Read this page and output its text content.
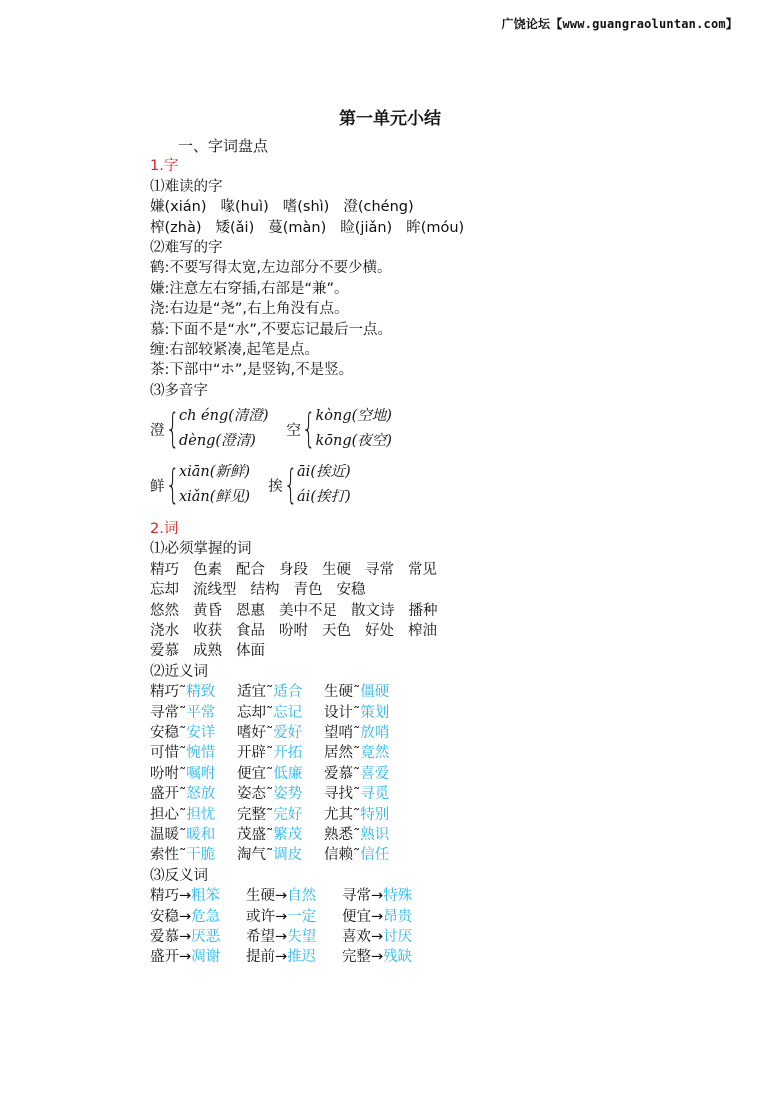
广饶论坛【www.guangraoluntan.com】
第一单元小结
一、字词盘点
1.字
⑴难读的字
嫌(xián) 喙(huì) 嗜(shì) 澄(chéng)
榨(zhà) 矮(ǎi) 蔓(màn) 睑(jiǎn) 眸(móu)
⑵难写的字
鹤:不要写得太宽,左边部分不要少横。
嫌:注意左右穿插,右部是“兼”。
浇:右边是“尧”,右上角没有点。
慕:下面不是“水”,不要忘记最后一点。
缠:右部较紧凑,起笔是点。
茶:下部中“ホ”,是竖钩,不是竖。
⑶多音字
澄 { ch éng(清澄)
dèng(澄清)
空 { kòng(空地)
kōng(夜空)
鲜 { xiān(新鲜)
xiǎn(鲜见)
挨 { āi(挨近)
ái(挨打)
2.词
⑴必须掌握的词
精巧 色素 配合 身段 生硬 寻常 常见
忘却 流线型 结构 青色 安稳
悠然 黄昏 恩惠 美中不足 散文诗 播种
浇水 收获 食品 吩咐 天色 好处 榨油
爱慕 成熟 体面
⑵近义词
精巧˜精致 适宜˜适合 生硬˜僵硬
寻常˜平常 忘却˜忘记 设计˜策划
安稳˜安详 嗜好˜爱好 望哨˜放哨
可惜˜惋惜 开辟˜开拓 居然˜竟然
吩咐˜嘱咐 便宜˜低廉 爱慕˜喜爱
盛开˜怒放 姿态˜姿势 寻找˜寻觅
担心˜担忧 完整˜完好 尤其˜特别
温暖˜暖和 茂盛˜繁茂 熟悉˜熟识
索性˜干脆 淘气˜调皮 信赖˜信任
⑶反义词
精巧→粗笨 生硬→自然 寻常→特殊
安稳→危急 或许→一定 便宜→昂贵
爱慕→厌恶 希望→失望 喜欢→讨厌
盛开→凋谢 提前→推迟 完整→残缺
